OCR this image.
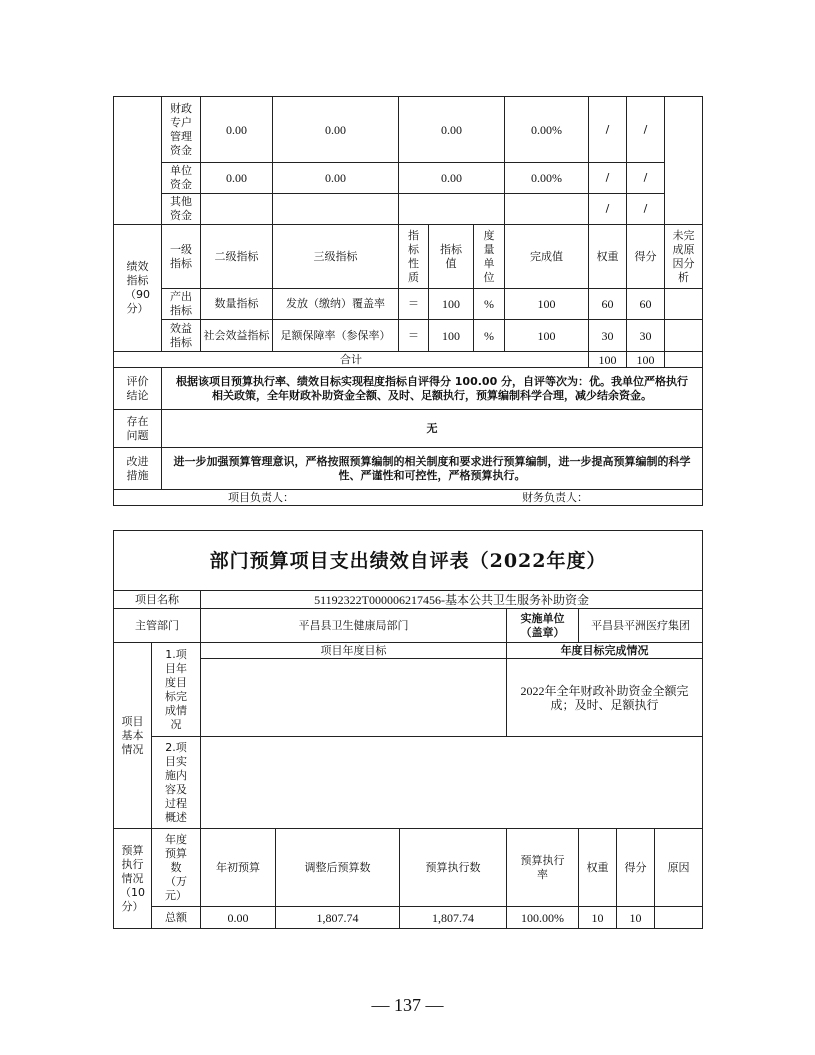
	财政专户管理资金	0.00	0.00	0.00			0.00%	/	/	

	单位资金	0.00	0.00	0.00			0.00%	/	/	

	其他资金							/	/	

绩效指标（90分）	一级指标	二级指标	三级指标	指标性质	指标值	度量单位	完成值	权重	得分	未完成原因分析

	产出指标	数量指标	发放（缴纳）覆盖率	＝	100	%	100	60	60	

	效益指标	社会效益指标	足额保障率（参保率）	＝	100	%	100	30	30	
合计								100	100	

评价结论	根据该项目预算执行率、绩效目标实现程度指标自评得分 100.00 分，自评等次为：优。我单位严格执行相关政策，全年财政补助资金全额、及时、足额执行，预算编制科学合理，减少结余资金。									

存在问题	无									

改进措施	进一步加强预算管理意识，严格按照预算编制的相关制度和要求进行预算编制，进一步提高预算编制的科学性、严谨性和可控性，严格预算执行。									

项目负责人： 财务负责人：										
部门预算项目支出绩效自评表（2022年度）								
项目名称		51192322T000006217456-基本公共卫生服务补助资金						
主管部门		平昌县卫生健康局部门			实施单位（盖章）	平昌县平洲医疗集团		

项目基本情况	1.项目年度目标完成情况	项目年度目标			年度目标完成情况			
					2022年全年财政补助资金全额完成；及时、足额执行			

	2.项目实施内容及过程概述							

预算执行情况（10分）	年度预算数（万元）	年初预算	调整后预算数	预算执行数	预算执行率	权重	得分	原因
	总额	0.00	1,807.74	1,807.74	100.00%	10	10	
— 137 —
